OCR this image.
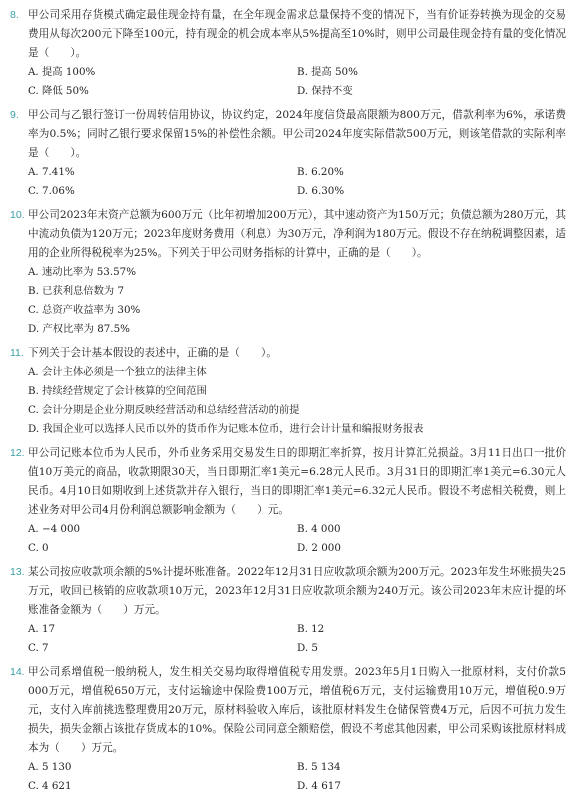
8. 甲公司采用存货模式确定最佳现金持有量，在全年现金需求总量保持不变的情况下，当有价证券转换为现金的交易费用从每次200元下降至100元，持有现金的机会成本率从5%提高至10%时，则甲公司最佳现金持有量的变化情况是（　　）。

A. 提高 100%	B. 提高 50%
C. 降低 50%	D. 保持不变
9. 甲公司与乙银行签订一份周转信用协议，协议约定，2024年度信贷最高限额为800万元，借款利率为6%，承诺费率为0.5%；同时乙银行要求保留15%的补偿性余额。甲公司2024年度实际借款500万元，则该笔借款的实际利率是（　　）。

A. 7.41%	B. 6.20%
C. 7.06%	D. 6.30%
10. 甲公司2023年末资产总额为600万元（比年初增加200万元），其中速动资产为150万元；负债总额为280万元，其中流动负债为120万元；2023年度财务费用（利息）为30万元，净利润为180万元。假设不存在纳税调整因素，适用的企业所得税税率为25%。下列关于甲公司财务指标的计算中，正确的是（　　）。

A. 速动比率为 53.57%
B. 已获利息倍数为 7
C. 总资产收益率为 30%
D. 产权比率为 87.5%
11. 下列关于会计基本假设的表述中，正确的是（　　）。

A. 会计主体必须是一个独立的法律主体
B. 持续经营规定了会计核算的空间范围
C. 会计分期是企业分期反映经营活动和总结经营活动的前提
D. 我国企业可以选择人民币以外的货币作为记账本位币，进行会计计量和编报财务报表
12. 甲公司记账本位币为人民币，外币业务采用交易发生日的即期汇率折算，按月计算汇兑损益。3月11日出口一批价值10万美元的商品，收款期限30天，当日即期汇率1美元=6.28元人民币。3月31日的即期汇率1美元=6.30元人民币。4月10日如期收到上述货款并存入银行，当日的即期汇率1美元=6.32元人民币。假设不考虑相关税费，则上述业务对甲公司4月份利润总额影响金额为（　　）元。

A. −4 000	B. 4 000
C. 0	D. 2 000
13. 某公司按应收款项余额的5%计提坏账准备。2022年12月31日应收款项余额为200万元。2023年发生坏账损失25万元，收回已核销的应收款项10万元，2023年12月31日应收款项余额为240万元。该公司2023年末应计提的坏账准备金额为（　　）万元。

A. 17	B. 12
C. 7	D. 5
14. 甲公司系增值税一般纳税人，发生相关交易均取得增值税专用发票。2023年5月1日购入一批原材料，支付价款5 000万元，增值税650万元，支付运输途中保险费100万元，增值税6万元，支付运输费用10万元，增值税0.9万元，支付入库前挑选整理费用20万元，原材料验收入库后，该批原材料发生仓储保管费4万元，后因不可抗力发生损失，损失金额占该批存货成本的10%。保险公司同意全额赔偿，假设不考虑其他因素，甲公司采购该批原材料成本为（　　）万元。

A. 5 130	B. 5 134
C. 4 621	D. 4 617
